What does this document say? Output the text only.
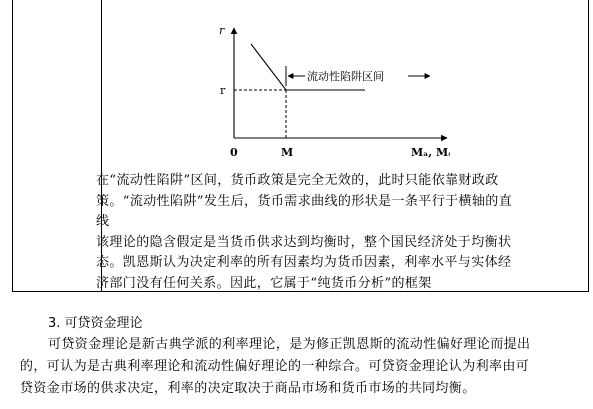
r
r
0	M	Mₐ, Mₛ
流动性陷阱区间
在“流动性陷阱”区间，货币政策是完全无效的，此时只能依靠财政政
策。“流动性陷阱”发生后，货币需求曲线的形状是一条平行于横轴的直
线
该理论的隐含假定是当货币供求达到均衡时，整个国民经济处于均衡状
态。凯恩斯认为决定利率的所有因素均为货币因素，利率水平与实体经
济部门没有任何关系。因此，它属于“纯货币分析”的框架
3. 可贷资金理论
可贷资金理论是新古典学派的利率理论，是为修正凯恩斯的流动性偏好理论而提出
的，可认为是古典利率理论和流动性偏好理论的一种综合。可贷资金理论认为利率由可
贷资金市场的供求决定，利率的决定取决于商品市场和货币市场的共同均衡。
